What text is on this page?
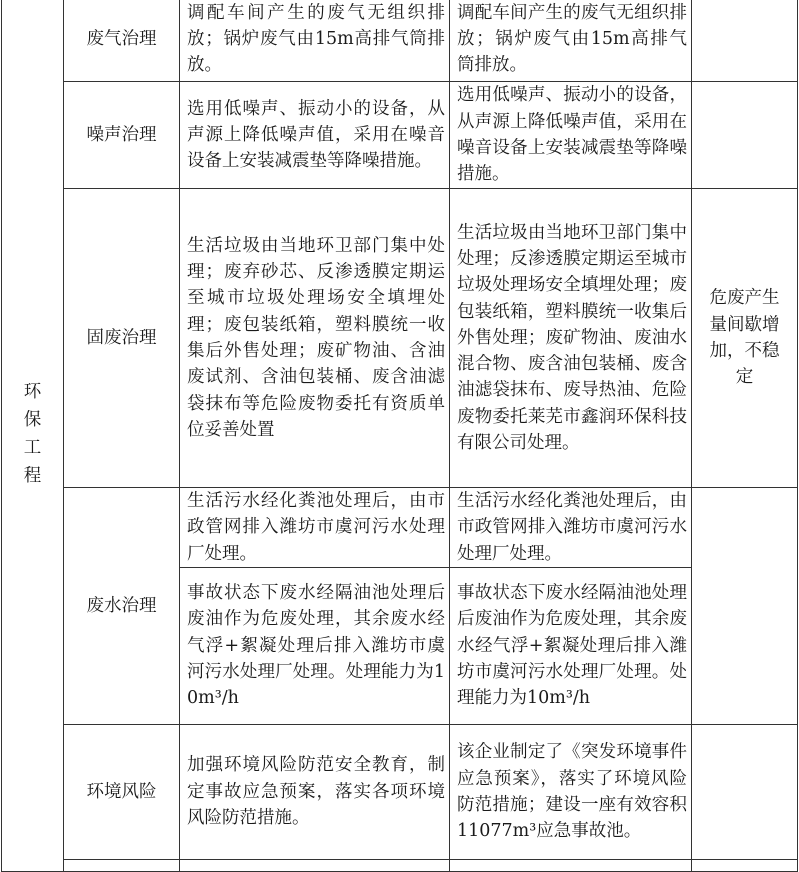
环保工程	废气治理	调配车间产生的废气无组织排放；锅炉废气由15m高排气筒排放。	调配车间产生的废气无组织排放；锅炉废气由15m高排气筒排放。	

	噪声治理	选用低噪声、振动小的设备，从声源上降低噪声值，采用在噪音设备上安装减震垫等降噪措施。	选用低噪声、振动小的设备，从声源上降低噪声值，采用在噪音设备上安装减震垫等降噪措施。	

	固废治理	生活垃圾由当地环卫部门集中处理；废弃砂芯、反渗透膜定期运至城市垃圾处理场安全填埋处理；废包装纸箱，塑料膜统一收集后外售处理；废矿物油、含油废试剂、含油包装桶、废含油滤袋抹布等危险废物委托有资质单位妥善处置	生活垃圾由当地环卫部门集中处理；反渗透膜定期运至城市垃圾处理场安全填埋处理；废包装纸箱，塑料膜统一收集后外售处理；废矿物油、废油水混合物、废含油包装桶、废含油滤袋抹布、废导热油、危险废物委托莱芜市鑫润环保科技有限公司处理。	危废产生量间歇增加，不稳定
	废水治理	生活污水经化粪池处理后，由市政管网排入潍坊市虞河污水处理厂处理。	生活污水经化粪池处理后，由市政管网排入潍坊市虞河污水处理厂处理。	

		事故状态下废水经隔油池处理后废油作为危废处理，其余废水经气浮+絮凝处理后排入潍坊市虞河污水处理厂处理。处理能力为10m³/h	事故状态下废水经隔油池处理后废油作为危废处理，其余废水经气浮+絮凝处理后排入潍坊市虞河污水处理厂处理。处理能力为10m³/h	

	环境风险	加强环境风险防范安全教育，制定事故应急预案，落实各项环境风险防范措施。	该企业制定了《突发环境事件应急预案》，落实了环境风险防范措施；建设一座有效容积11077m³应急事故池。	
